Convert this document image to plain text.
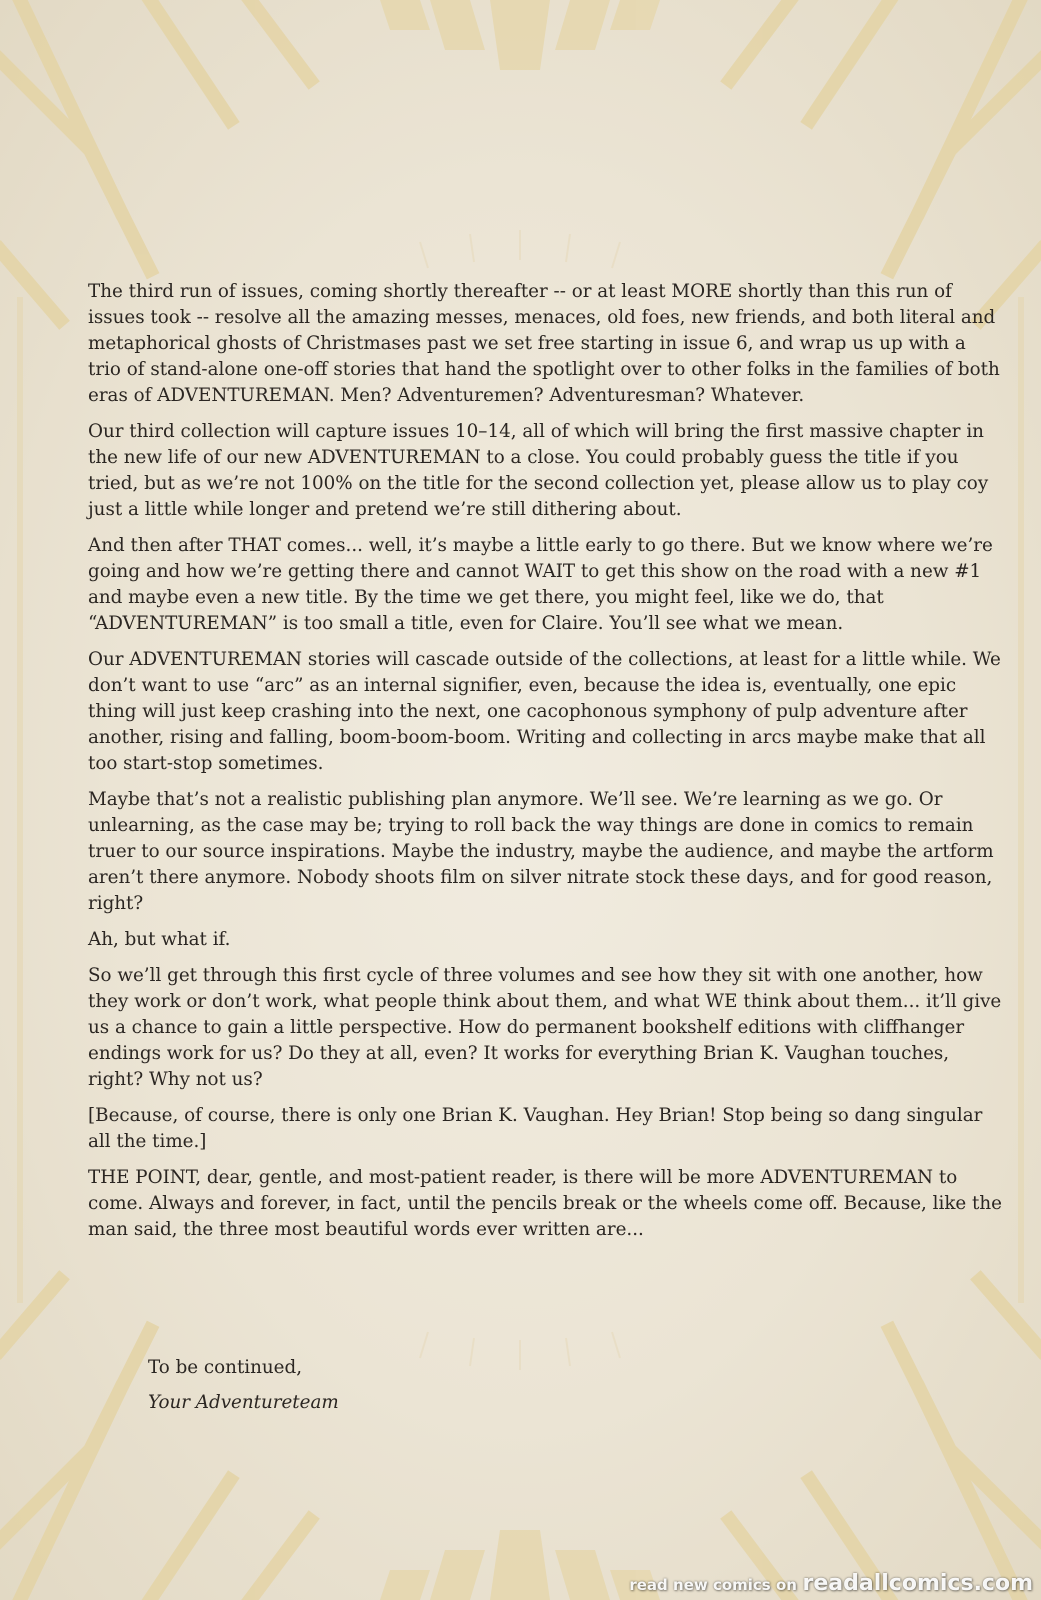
The third run of issues, coming shortly thereafter -- or at least MORE shortly than this run of issues took -- resolve all the amazing messes, menaces, old foes, new friends, and both literal and metaphorical ghosts of Christmases past we set free starting in issue 6, and wrap us up with a trio of stand-alone one-off stories that hand the spotlight over to other folks in the families of both eras of ADVENTUREMAN. Men? Adventuremen? Adventuresman? Whatever.

Our third collection will capture issues 10–14, all of which will bring the first massive chapter in the new life of our new ADVENTUREMAN to a close. You could probably guess the title if you tried, but as we’re not 100% on the title for the second collection yet, please allow us to play coy just a little while longer and pretend we’re still dithering about.

And then after THAT comes... well, it’s maybe a little early to go there. But we know where we’re going and how we’re getting there and cannot WAIT to get this show on the road with a new #1 and maybe even a new title. By the time we get there, you might feel, like we do, that “ADVENTUREMAN” is too small a title, even for Claire. You’ll see what we mean.

Our ADVENTUREMAN stories will cascade outside of the collections, at least for a little while. We don’t want to use “arc” as an internal signifier, even, because the idea is, eventually, one epic thing will just keep crashing into the next, one cacophonous symphony of pulp adventure after another, rising and falling, boom-boom-boom. Writing and collecting in arcs maybe make that all too start-stop sometimes.

Maybe that’s not a realistic publishing plan anymore. We’ll see. We’re learning as we go. Or unlearning, as the case may be; trying to roll back the way things are done in comics to remain truer to our source inspirations. Maybe the industry, maybe the audience, and maybe the artform aren’t there anymore. Nobody shoots film on silver nitrate stock these days, and for good reason, right?

Ah, but what if.

So we’ll get through this first cycle of three volumes and see how they sit with one another, how they work or don’t work, what people think about them, and what WE think about them... it’ll give us a chance to gain a little perspective. How do permanent bookshelf editions with cliffhanger endings work for us? Do they at all, even? It works for everything Brian K. Vaughan touches, right? Why not us?

[Because, of course, there is only one Brian K. Vaughan. Hey Brian! Stop being so dang singular all the time.]

THE POINT, dear, gentle, and most-patient reader, is there will be more ADVENTUREMAN to come. Always and forever, in fact, until the pencils break or the wheels come off. Because, like the man said, the three most beautiful words ever written are...

To be continued,
Your Adventureteam
read new comics on readallcomics.com
